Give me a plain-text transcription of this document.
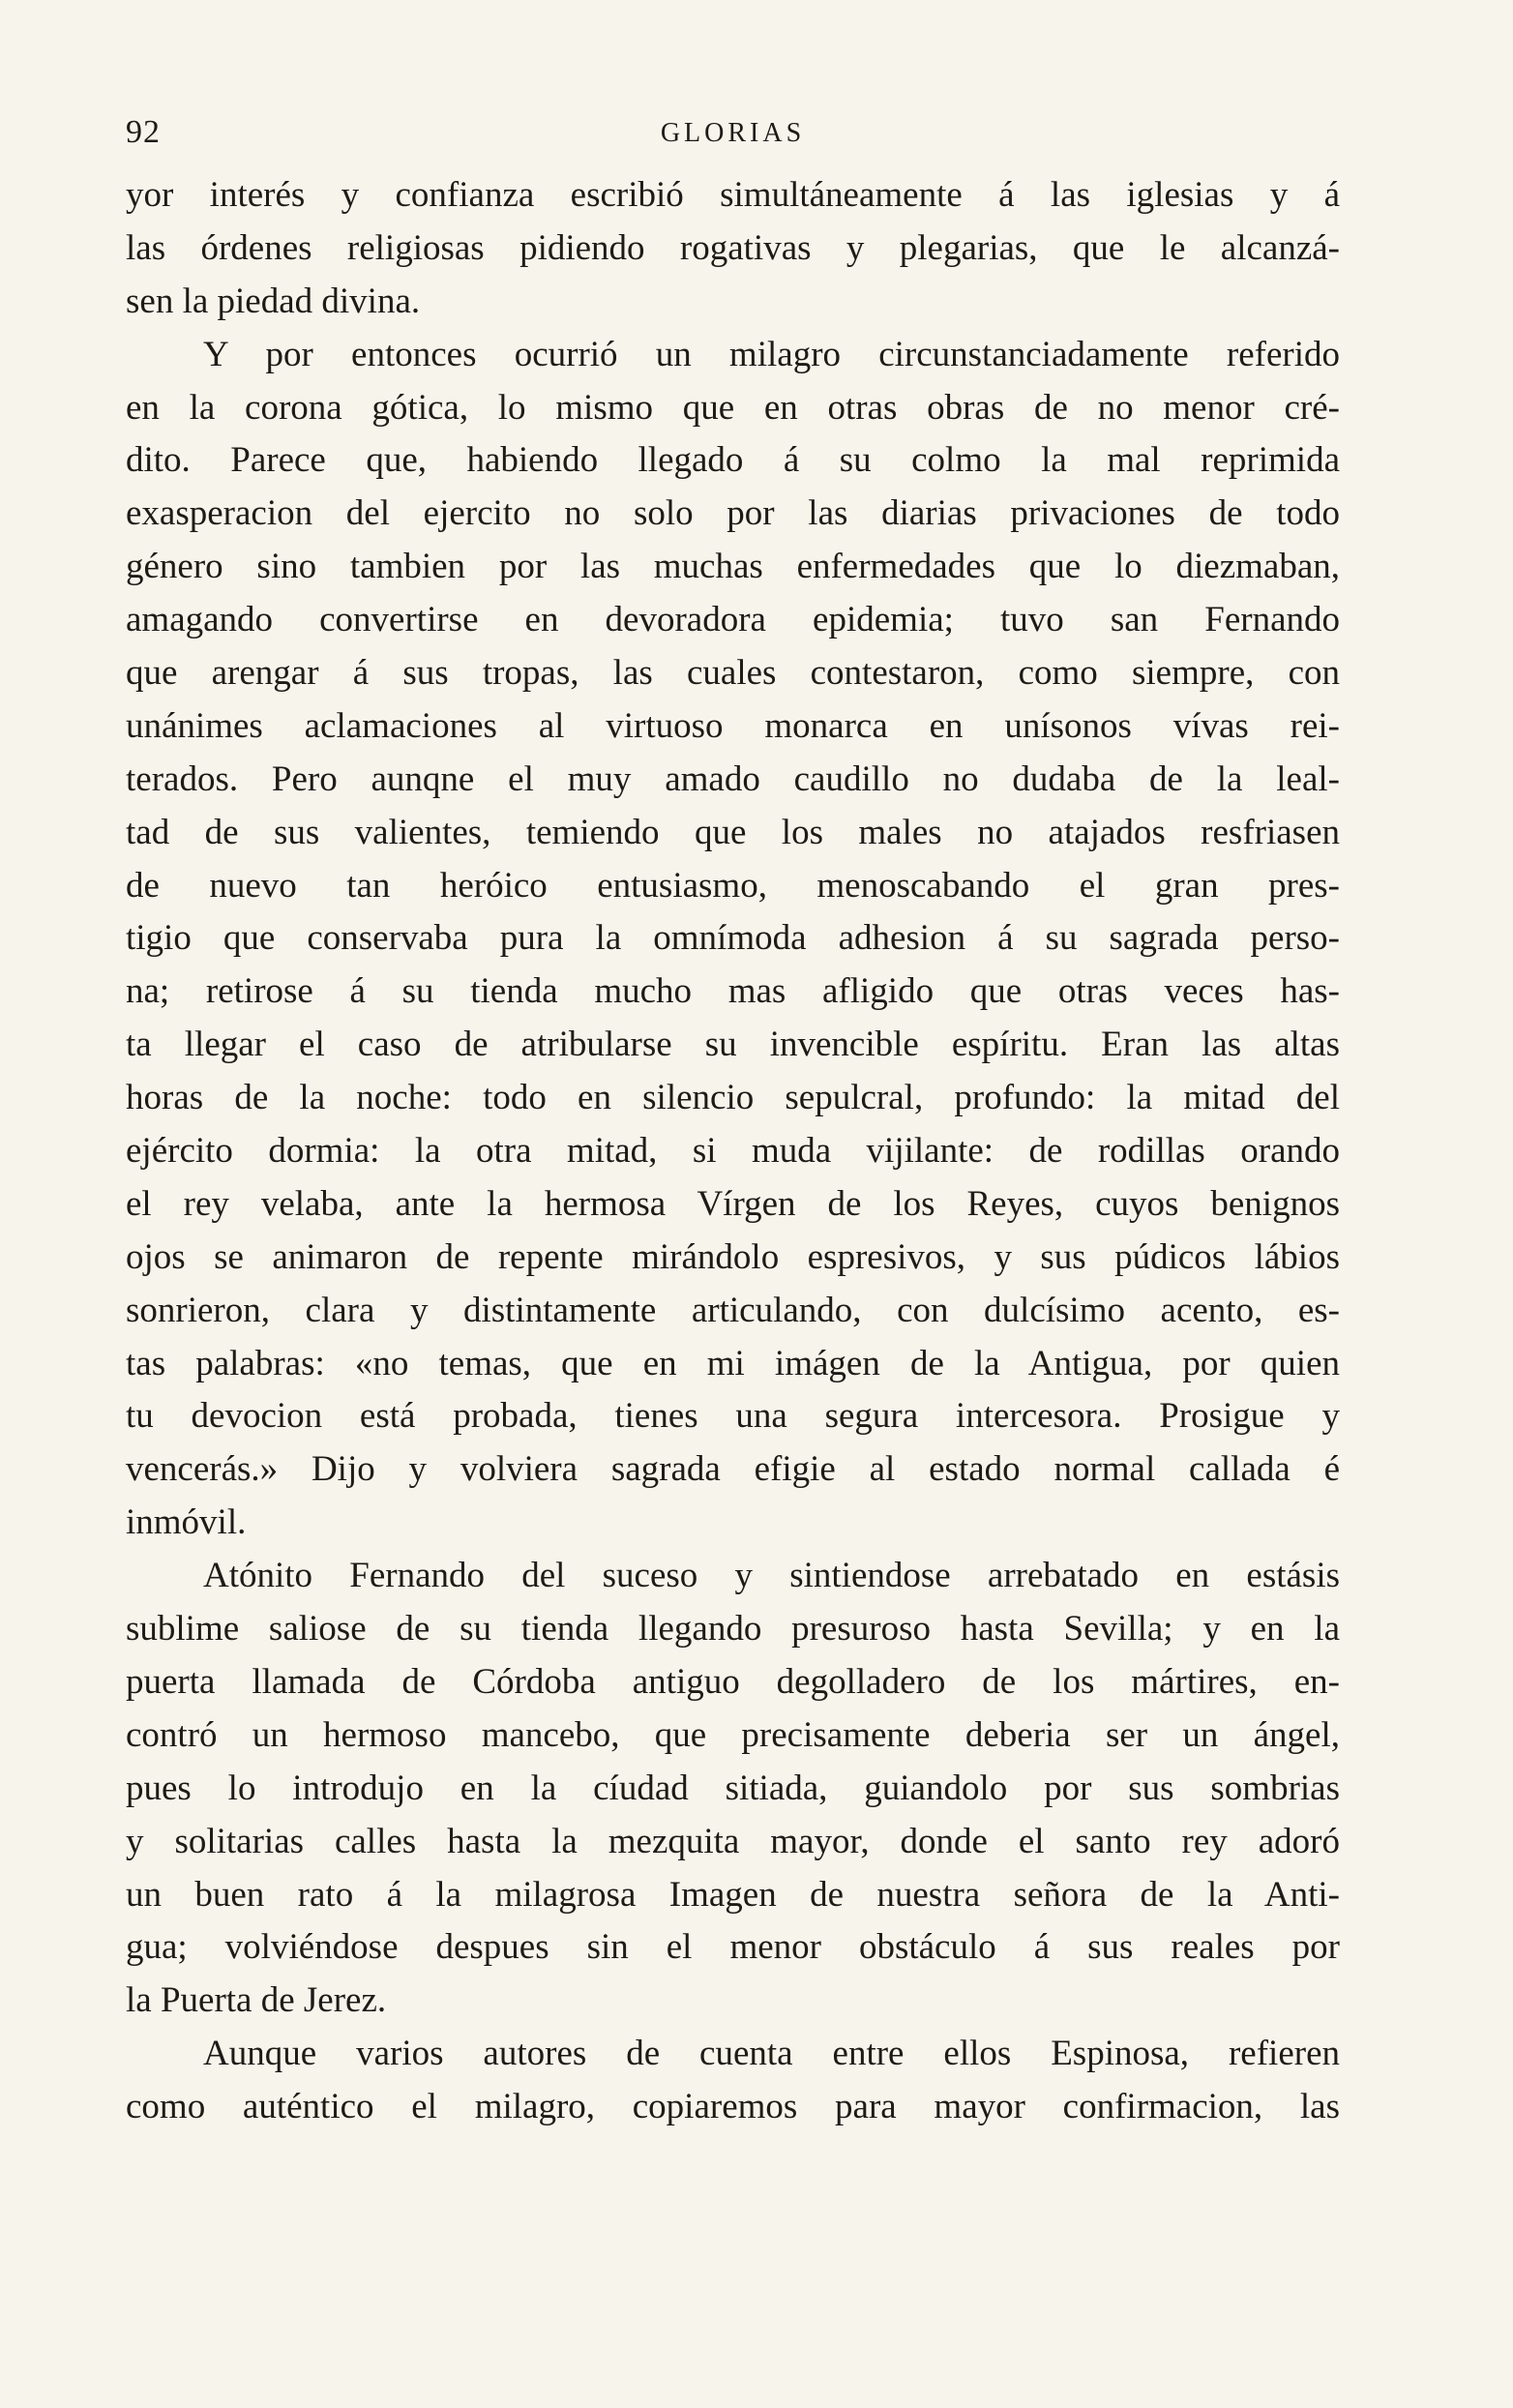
92	GLORIAS
yor interés y confianza escribió simultáneamente á las iglesias y á
las órdenes religiosas pidiendo rogativas y plegarias, que le alcanzá-
sen la piedad divina.
Y por entonces ocurrió un milagro circunstanciadamente referido
en la corona gótica, lo mismo que en otras obras de no menor cré-
dito. Parece que, habiendo llegado á su colmo la mal reprimida
exasperacion del ejercito no solo por las diarias privaciones de todo
género sino tambien por las muchas enfermedades que lo diezmaban,
amagando convertirse en devoradora epidemia; tuvo san Fernando
que arengar á sus tropas, las cuales contestaron, como siempre, con
unánimes aclamaciones al virtuoso monarca en unísonos vívas rei-
terados. Pero aunqne el muy amado caudillo no dudaba de la leal-
tad de sus valientes, temiendo que los males no atajados resfriasen
de nuevo tan heróico entusiasmo, menoscabando el gran pres-
tigio que conservaba pura la omnímoda adhesion á su sagrada perso-
na; retirose á su tienda mucho mas afligido que otras veces has-
ta llegar el caso de atribularse su invencible espíritu. Eran las altas
horas de la noche: todo en silencio sepulcral, profundo: la mitad del
ejército dormia: la otra mitad, si muda vijilante: de rodillas orando
el rey velaba, ante la hermosa Vírgen de los Reyes, cuyos benignos
ojos se animaron de repente mirándolo espresivos, y sus púdicos lábios
sonrieron, clara y distintamente articulando, con dulcísimo acento, es-
tas palabras: «no temas, que en mi imágen de la Antigua, por quien
tu devocion está probada, tienes una segura intercesora. Prosigue y
vencerás.» Dijo y volviera sagrada efigie al estado normal callada é
inmóvil.
Atónito Fernando del suceso y sintiendose arrebatado en estásis
sublime saliose de su tienda llegando presuroso hasta Sevilla; y en la
puerta llamada de Córdoba antiguo degolladero de los mártires, en-
contró un hermoso mancebo, que precisamente deberia ser un ángel,
pues lo introdujo en la cíudad sitiada, guiandolo por sus sombrias
y solitarias calles hasta la mezquita mayor, donde el santo rey adoró
un buen rato á la milagrosa Imagen de nuestra señora de la Anti-
gua; volviéndose despues sin el menor obstáculo á sus reales por
la Puerta de Jerez.
Aunque varios autores de cuenta entre ellos Espinosa, refieren
como auténtico el milagro, copiaremos para mayor confirmacion, las
